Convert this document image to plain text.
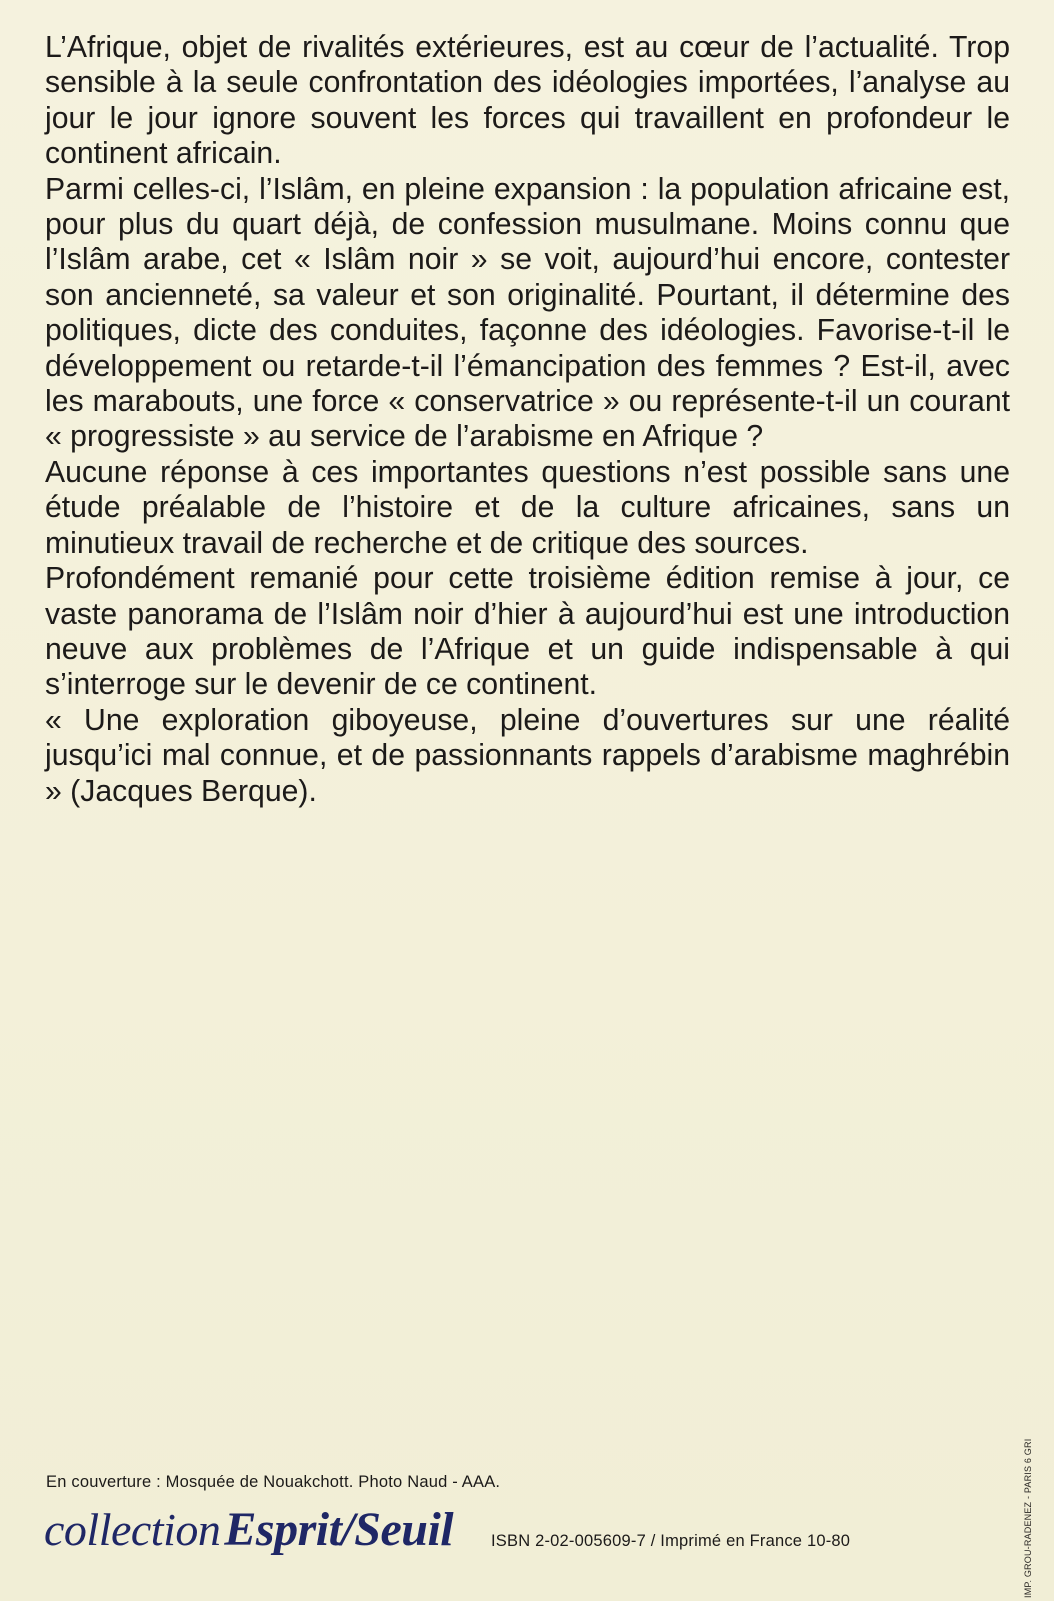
L’Afrique, objet de rivalités extérieures, est au cœur de l’actualité. Trop sensible à la seule confrontation des idéologies importées, l’analyse au jour le jour ignore souvent les forces qui travaillent en profondeur le continent africain.

Parmi celles-ci, l’Islâm, en pleine expansion : la population africaine est, pour plus du quart déjà, de confession musulmane. Moins connu que l’Islâm arabe, cet « Islâm noir » se voit, aujourd’hui encore, contester son ancienneté, sa valeur et son originalité. Pourtant, il détermine des politiques, dicte des conduites, façonne des idéologies. Favorise-t-il le développement ou retarde-t-il l’émancipation des femmes ? Est-il, avec les marabouts, une force « conservatrice » ou représente-t-il un courant « progressiste » au service de l’arabisme en Afrique ?

Aucune réponse à ces importantes questions n’est possible sans une étude préalable de l’histoire et de la culture africaines, sans un minutieux travail de recherche et de critique des sources.

Profondément remanié pour cette troisième édition remise à jour, ce vaste panorama de l’Islâm noir d’hier à aujourd’hui est une introduction neuve aux problèmes de l’Afrique et un guide indispensable à qui s’interroge sur le devenir de ce continent.

« Une exploration giboyeuse, pleine d’ouvertures sur une réalité jusqu’ici mal connue, et de passionnants rappels d’arabisme maghrébin » (Jacques Berque).

En couverture : Mosquée de Nouakchott. Photo Naud - AAA.
collection Esprit/Seuil ISBN 2-02-005609-7 / Imprimé en France 10-80	IMP. GROU-RADENEZ - PARIS 6 GRI
